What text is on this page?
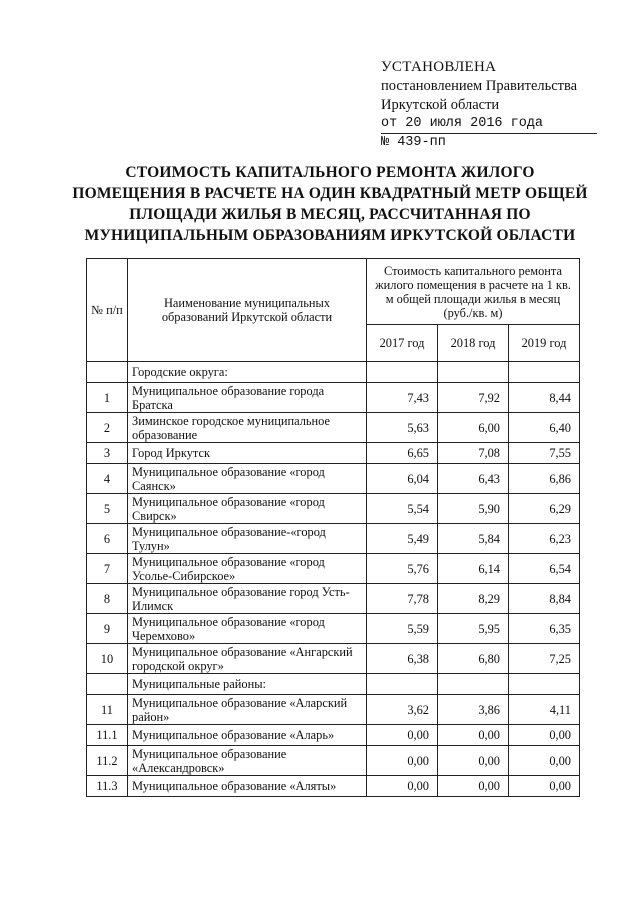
УСТАНОВЛЕНА
постановлением Правительства
Иркутской области
от 20 июля 2016 года
№ 439-пп
СТОИМОСТЬ КАПИТАЛЬНОГО РЕМОНТА ЖИЛОГО
ПОМЕЩЕНИЯ В РАСЧЕТЕ НА ОДИН КВАДРАТНЫЙ МЕТР ОБЩЕЙ
ПЛОЩАДИ ЖИЛЬЯ В МЕСЯЦ, РАССЧИТАННАЯ ПО
МУНИЦИПАЛЬНЫМ ОБРАЗОВАНИЯМ ИРКУТСКОЙ ОБЛАСТИ
№ п/п	Наименование муниципальных образований Иркутской области	Стоимость капитального ремонта жилого помещения в расчете на 1 кв. м общей площади жилья в месяц (руб./кв. м)		
		2017 год	2018 год	2019 год
	Городские округа:			
1	Муниципальное образование города Братска	7,43	7,92	8,44
2	Зиминское городское муниципальное образование	5,63	6,00	6,40
3	Город Иркутск	6,65	7,08	7,55
4	Муниципальное образование «город Саянск»	6,04	6,43	6,86
5	Муниципальное образование «город Свирск»	5,54	5,90	6,29
6	Муниципальное образование-«город Тулун»	5,49	5,84	6,23
7	Муниципальное образование «город Усолье-Сибирское»	5,76	6,14	6,54
8	Муниципальное образование город Усть-Илимск	7,78	8,29	8,84
9	Муниципальное образование «город Черемхово»	5,59	5,95	6,35
10	Муниципальное образование «Ангарский городской округ»	6,38	6,80	7,25
	Муниципальные районы:			
11	Муниципальное образование «Аларский район»	3,62	3,86	4,11
11.1	Муниципальное образование «Аларь»	0,00	0,00	0,00
11.2	Муниципальное образование «Александровск»	0,00	0,00	0,00
11.3	Муниципальное образование «Аляты»	0,00	0,00	0,00
